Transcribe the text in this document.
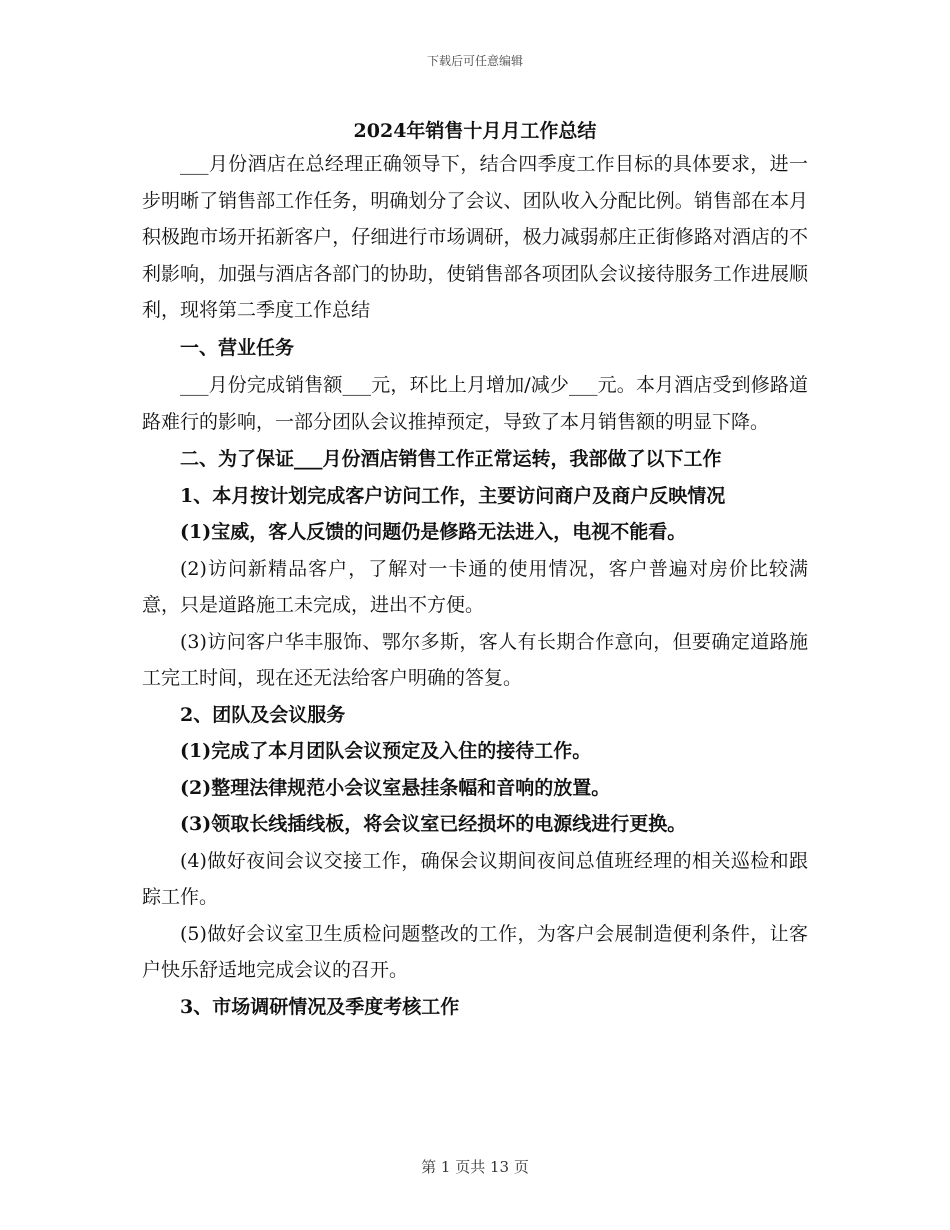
下载后可任意编辑
2024年销售十月月工作总结

___月份酒店在总经理正确领导下，结合四季度工作目标的具体要求，进一步明晰了销售部工作任务，明确划分了会议、团队收入分配比例。销售部在本月积极跑市场开拓新客户，仔细进行市场调研，极力减弱郝庄正街修路对酒店的不利影响，加强与酒店各部门的协助，使销售部各项团队会议接待服务工作进展顺利，现将第二季度工作总结

一、营业任务

___月份完成销售额___元，环比上月增加/减少___元。本月酒店受到修路道路难行的影响，一部分团队会议推掉预定，导致了本月销售额的明显下降。

二、为了保证___月份酒店销售工作正常运转，我部做了以下工作

1、本月按计划完成客户访问工作，主要访问商户及商户反映情况

(1)宝威，客人反馈的问题仍是修路无法进入，电视不能看。

(2)访问新精品客户，了解对一卡通的使用情况，客户普遍对房价比较满意，只是道路施工未完成，进出不方便。

(3)访问客户华丰服饰、鄂尔多斯，客人有长期合作意向，但要确定道路施工完工时间，现在还无法给客户明确的答复。

2、团队及会议服务

(1)完成了本月团队会议预定及入住的接待工作。

(2)整理法律规范小会议室悬挂条幅和音响的放置。

(3)领取长线插线板，将会议室已经损坏的电源线进行更换。

(4)做好夜间会议交接工作，确保会议期间夜间总值班经理的相关巡检和跟踪工作。

(5)做好会议室卫生质检问题整改的工作，为客户会展制造便利条件，让客户快乐舒适地完成会议的召开。

3、市场调研情况及季度考核工作

第 1 页共 13 页
